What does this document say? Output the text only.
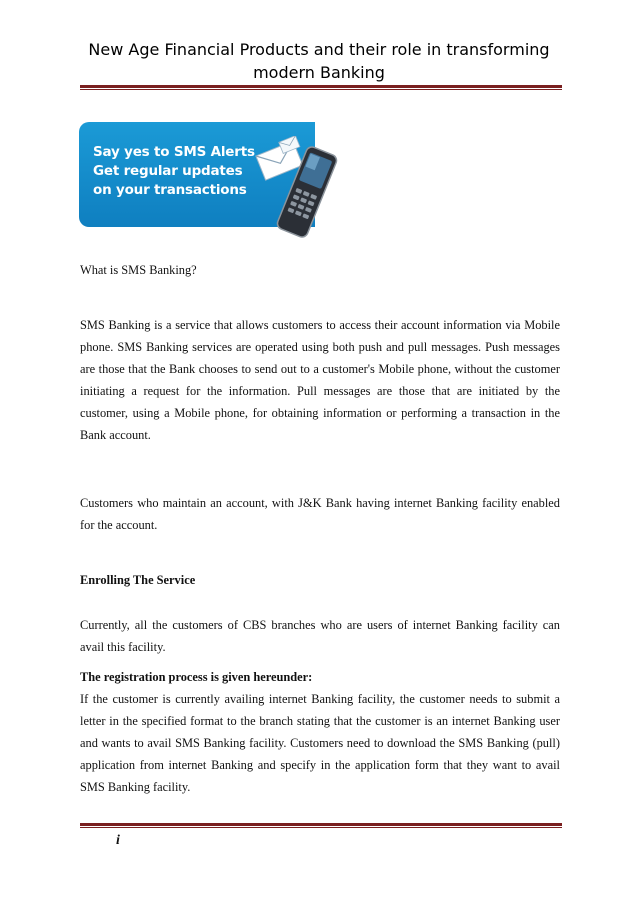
New Age Financial Products and their role in transforming
modern Banking
Say yes to SMS Alerts
Get regular updates
on your transactions

What is SMS Banking?

SMS Banking is a service that allows customers to access their account information via Mobile phone. SMS Banking services are operated using both push and pull messages. Push messages are those that the Bank chooses to send out to a customer's Mobile phone, without the customer initiating a request for the information. Pull messages are those that are initiated by the customer, using a Mobile phone, for obtaining information or performing a transaction in the Bank account.

Customers who maintain an account, with J&K Bank having internet Banking facility enabled for the account.

Enrolling The Service

Currently, all the customers of CBS branches who are users of internet Banking facility can avail this facility.

The registration process is given hereunder:

If the customer is currently availing internet Banking facility, the customer needs to submit a letter in the specified format to the branch stating that the customer is an internet Banking user and wants to avail SMS Banking facility. Customers need to download the SMS Banking (pull) application from internet Banking and specify in the application form that they want to avail SMS Banking facility.

i
